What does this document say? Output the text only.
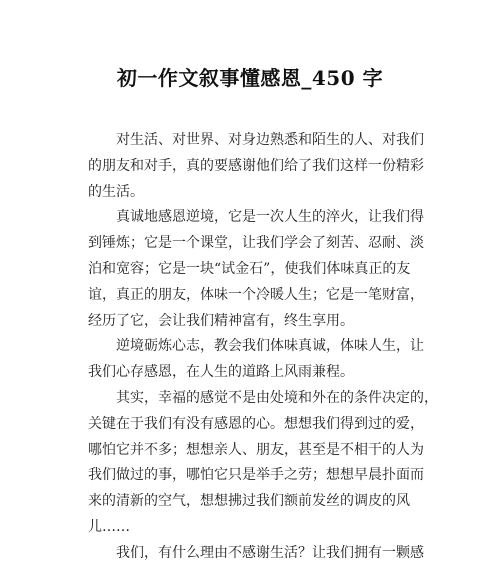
初一作文叙事懂感恩_450 字
对生活、对世界、对身边熟悉和陌生的人、对我们
的朋友和对手，真的要感谢他们给了我们这样一份精彩
的生活。
真诚地感恩逆境，它是一次人生的淬火，让我们得
到锤炼；它是一个课堂，让我们学会了刻苦、忍耐、淡
泊和宽容；它是一块“试金石”，使我们体味真正的友
谊，真正的朋友，体味一个冷暖人生；它是一笔财富，
经历了它，会让我们精神富有，终生享用。
逆境砺炼心志，教会我们体味真诚，体味人生，让
我们心存感恩，在人生的道路上风雨兼程。
其实，幸福的感觉不是由处境和外在的条件决定的，
关键在于我们有没有感恩的心。想想我们得到过的爱，
哪怕它并不多；想想亲人、朋友，甚至是不相干的人为
我们做过的事，哪怕它只是举手之劳；想想早晨扑面而
来的清新的空气，想想拂过我们额前发丝的调皮的风
儿……
我们，有什么理由不感谢生活？让我们拥有一颗感
